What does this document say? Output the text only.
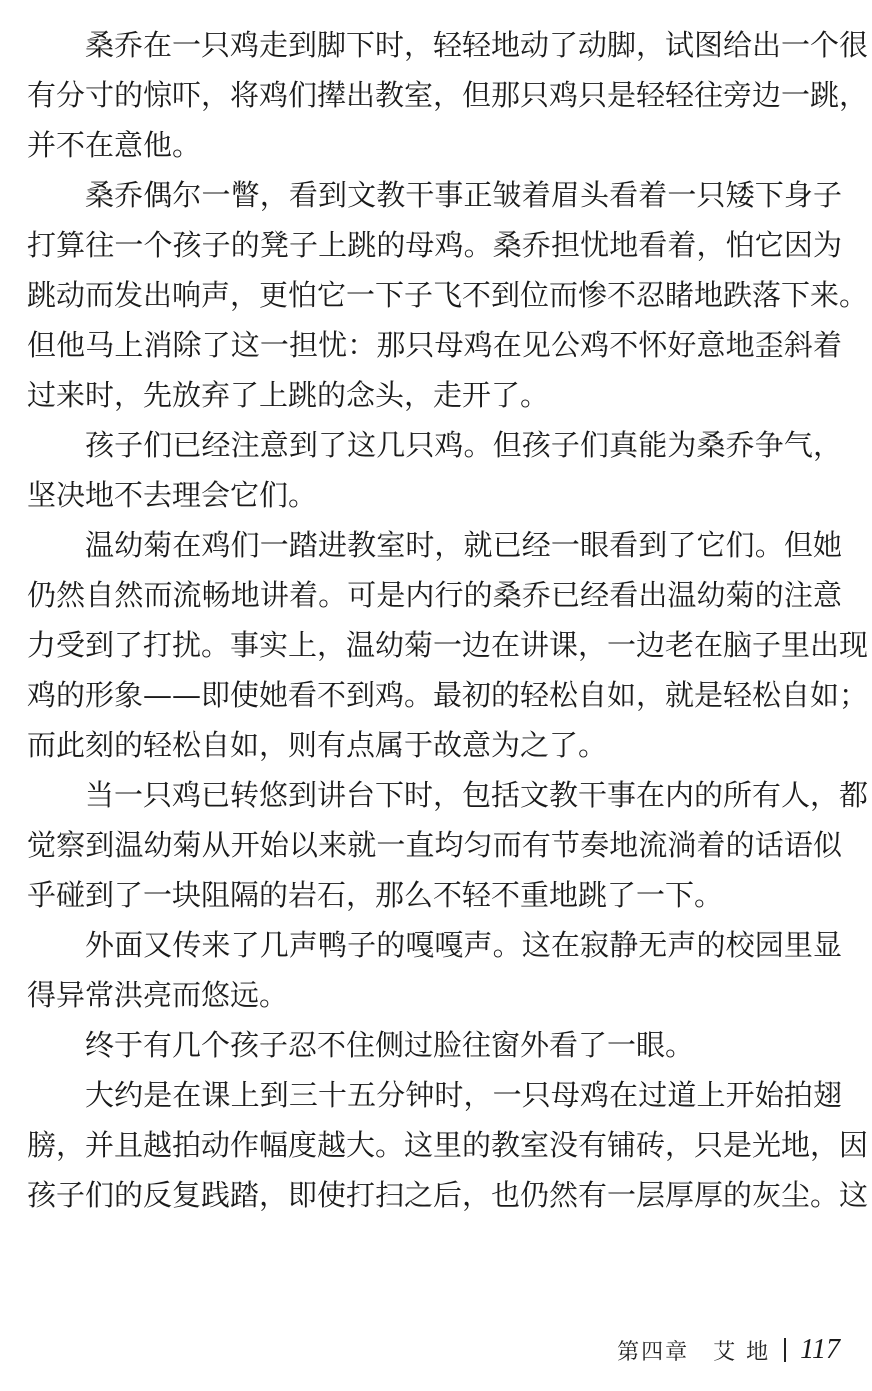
桑乔在一只鸡走到脚下时，轻轻地动了动脚，试图给出一个很
有分寸的惊吓，将鸡们撵出教室，但那只鸡只是轻轻往旁边一跳，
并不在意他。
桑乔偶尔一瞥，看到文教干事正皱着眉头看着一只矮下身子
打算往一个孩子的凳子上跳的母鸡。桑乔担忧地看着，怕它因为
跳动而发出响声，更怕它一下子飞不到位而惨不忍睹地跌落下来。
但他马上消除了这一担忧：那只母鸡在见公鸡不怀好意地歪斜着
过来时，先放弃了上跳的念头，走开了。
孩子们已经注意到了这几只鸡。但孩子们真能为桑乔争气，
坚决地不去理会它们。
温幼菊在鸡们一踏进教室时，就已经一眼看到了它们。但她
仍然自然而流畅地讲着。可是内行的桑乔已经看出温幼菊的注意
力受到了打扰。事实上，温幼菊一边在讲课，一边老在脑子里出现
鸡的形象——即使她看不到鸡。最初的轻松自如，就是轻松自如；
而此刻的轻松自如，则有点属于故意为之了。
当一只鸡已转悠到讲台下时，包括文教干事在内的所有人，都
觉察到温幼菊从开始以来就一直均匀而有节奏地流淌着的话语似
乎碰到了一块阻隔的岩石，那么不轻不重地跳了一下。
外面又传来了几声鸭子的嘎嘎声。这在寂静无声的校园里显
得异常洪亮而悠远。
终于有几个孩子忍不住侧过脸往窗外看了一眼。
大约是在课上到三十五分钟时，一只母鸡在过道上开始拍翅
膀，并且越拍动作幅度越大。这里的教室没有铺砖，只是光地，因
孩子们的反复践踏，即使打扫之后，也仍然有一层厚厚的灰尘。这
第四章　艾 地 117
